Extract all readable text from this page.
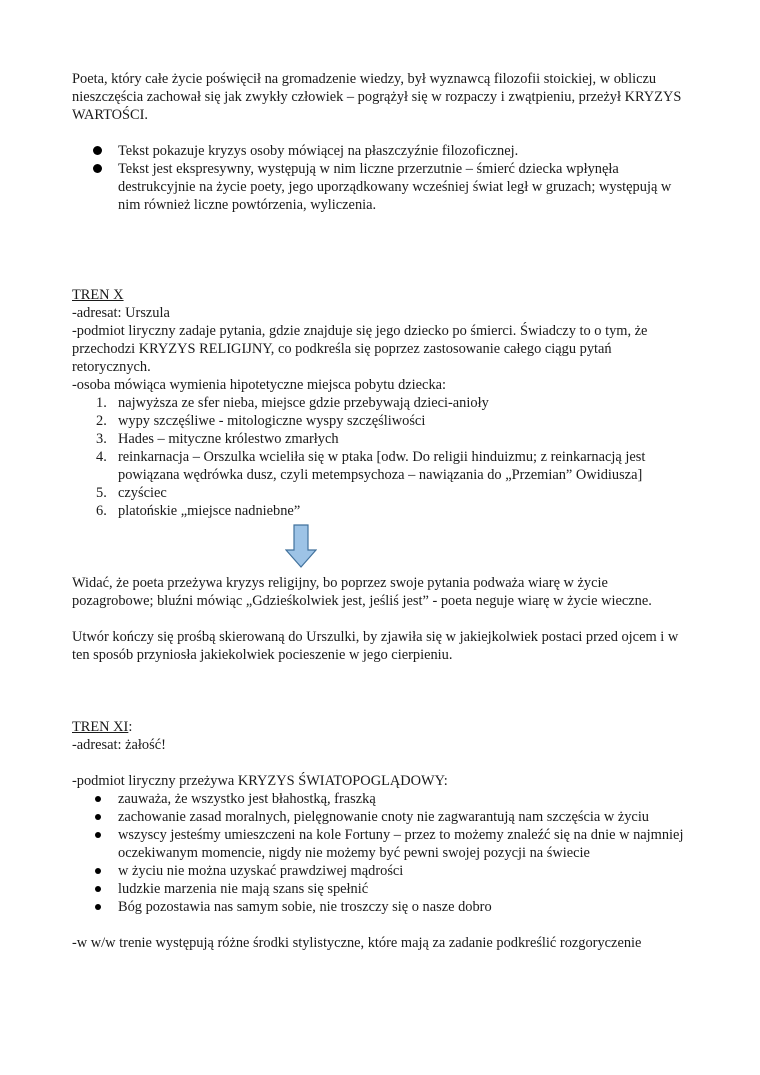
Poeta, który całe życie poświęcił na gromadzenie wiedzy, był wyznawcą filozofii stoickiej, w obliczu nieszczęścia zachował się jak zwykły człowiek – pogrążył się w rozpaczy i zwątpieniu, przeżył KRYZYS WARTOŚCI.

Tekst pokazuje kryzys osoby mówiącej na płaszczyźnie filozoficznej.
Tekst jest ekspresywny, występują w nim liczne przerzutnie – śmierć dziecka wpłynęła destrukcyjnie na życie poety, jego uporządkowany wcześniej świat legł w gruzach; występują w nim również liczne powtórzenia, wyliczenia.

TREN X

-adresat: Urszula

-podmiot liryczny zadaje pytania, gdzie znajduje się jego dziecko po śmierci. Świadczy to o tym, że przechodzi KRYZYS RELIGIJNY, co podkreśla się poprzez zastosowanie całego ciągu pytań retorycznych.

-osoba mówiąca wymienia hipotetyczne miejsca pobytu dziecka:

1. najwyższa ze sfer nieba, miejsce gdzie przebywają dzieci-anioły
2. wypy szczęśliwe - mitologiczne wyspy szczęśliwości
3. Hades – mityczne królestwo zmarłych
4. reinkarnacja – Orszulka wcieliła się w ptaka [odw. Do religii hinduizmu; z reinkarnacją jest powiązana wędrówka dusz, czyli metempsychoza – nawiązania do „Przemian” Owidiusza]
5. czyściec
6. platońskie „miejsce nadniebne”

Widać, że poeta przeżywa kryzys religijny, bo poprzez swoje pytania podważa wiarę w życie pozagrobowe; bluźni mówiąc „Gdzieśkolwiek jest, jeśliś jest” - poeta neguje wiarę w życie wieczne.

Utwór kończy się prośbą skierowaną do Urszulki, by zjawiła się w jakiejkolwiek postaci przed ojcem i w ten sposób przyniosła jakiekolwiek pocieszenie w jego cierpieniu.

TREN XI:

-adresat: żałość!

-podmiot liryczny przeżywa KRYZYS ŚWIATOPOGLĄDOWY:

zauważa, że wszystko jest błahostką, fraszką
zachowanie zasad moralnych, pielęgnowanie cnoty nie zagwarantują nam szczęścia w życiu
wszyscy jesteśmy umieszczeni na kole Fortuny – przez to możemy znaleźć się na dnie w najmniej oczekiwanym momencie, nigdy nie możemy być pewni swojej pozycji na świecie
w życiu nie można uzyskać prawdziwej mądrości
ludzkie marzenia nie mają szans się spełnić
Bóg pozostawia nas samym sobie, nie troszczy się o nasze dobro

-w w/w trenie występują różne środki stylistyczne, które mają za zadanie podkreślić rozgoryczenie
